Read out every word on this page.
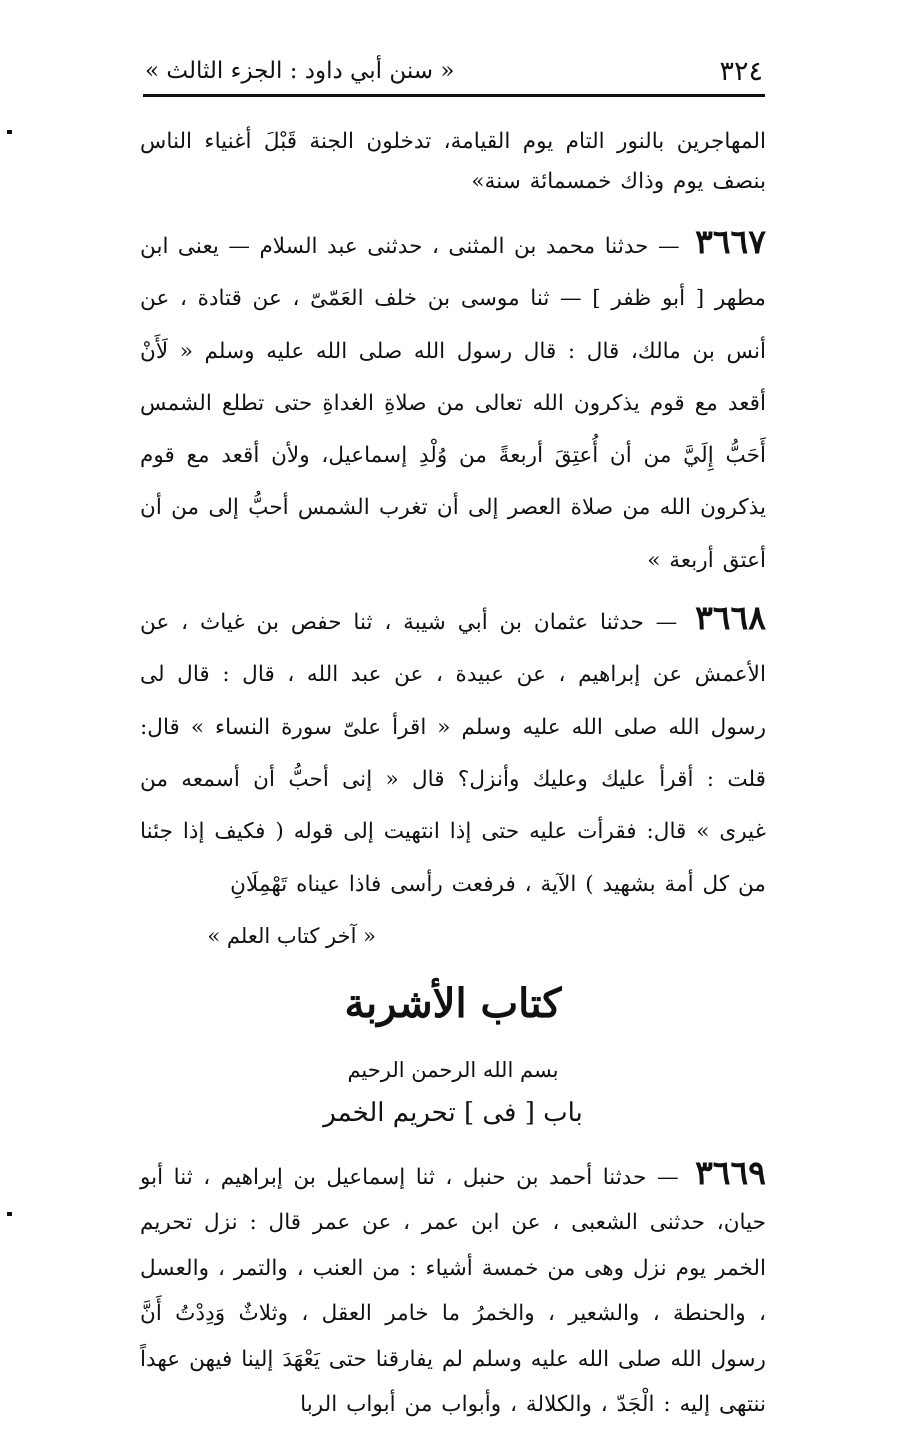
٣٢٤
« سنن أبي داود : الجزء الثالث »

المهاجرين بالنور التام يوم القيامة، تدخلون الجنة قَبْلَ أغنياء الناس بنصف يوم وذاك خمسمائة سنة»

٣٦٦٧ — حدثنا محمد بن المثنى ، حدثنى عبد السلام — يعنى ابن مطهر [ أبو ظفر ] — ثنا موسى بن خلف العَمّىّ ، عن قتادة ، عن أنس بن مالك، قال : قال رسول الله صلى الله عليه وسلم « لَأَنْ أقعد مع قوم يذكرون الله تعالى من صلاةِ الغداةِ حتى تطلع الشمس أَحَبُّ إِلَيَّ من أن أُعتِقَ أربعةً من وُلْدِ إسماعيل، ولأن أقعد مع قوم يذكرون الله من صلاة العصر إلى أن تغرب الشمس أحبُّ إلى من أن أعتق أربعة »

٣٦٦٨ — حدثنا عثمان بن أبي شيبة ، ثنا حفص بن غياث ، عن الأعمش عن إبراهيم ، عن عبيدة ، عن عبد الله ، قال : قال لى رسول الله صلى الله عليه وسلم « اقرأ علىّ سورة النساء » قال: قلت : أقرأ عليك وعليك وأنزل؟ قال « إنى أحبُّ أن أسمعه من غيرى » قال: فقرأت عليه حتى إذا انتهيت إلى قوله ( فكيف إذا جئنا من كل أمة بشهيد ) الآية ، فرفعت رأسى فاذا عيناه تَهْمِلَانِ

« آخر كتاب العلم »

كتاب الأشربة

بسم الله الرحمن الرحيم

باب [ فى ] تحريم الخمر

٣٦٦٩ — حدثنا أحمد بن حنبل ، ثنا إسماعيل بن إبراهيم ، ثنا أبو حيان، حدثنى الشعبى ، عن ابن عمر ، عن عمر قال : نزل تحريم الخمر يوم نزل وهى من خمسة أشياء : من العنب ، والتمر ، والعسل ، والحنطة ، والشعير ، والخمرُ ما خامر العقل ، وثلاثٌ وَدِدْتُ أَنَّ رسول الله صلى الله عليه وسلم لم يفارقنا حتى يَعْهَدَ إلينا فيهن عهداً ننتهى إليه : الْجَدّ ، والكلالة ، وأبواب من أبواب الربا
